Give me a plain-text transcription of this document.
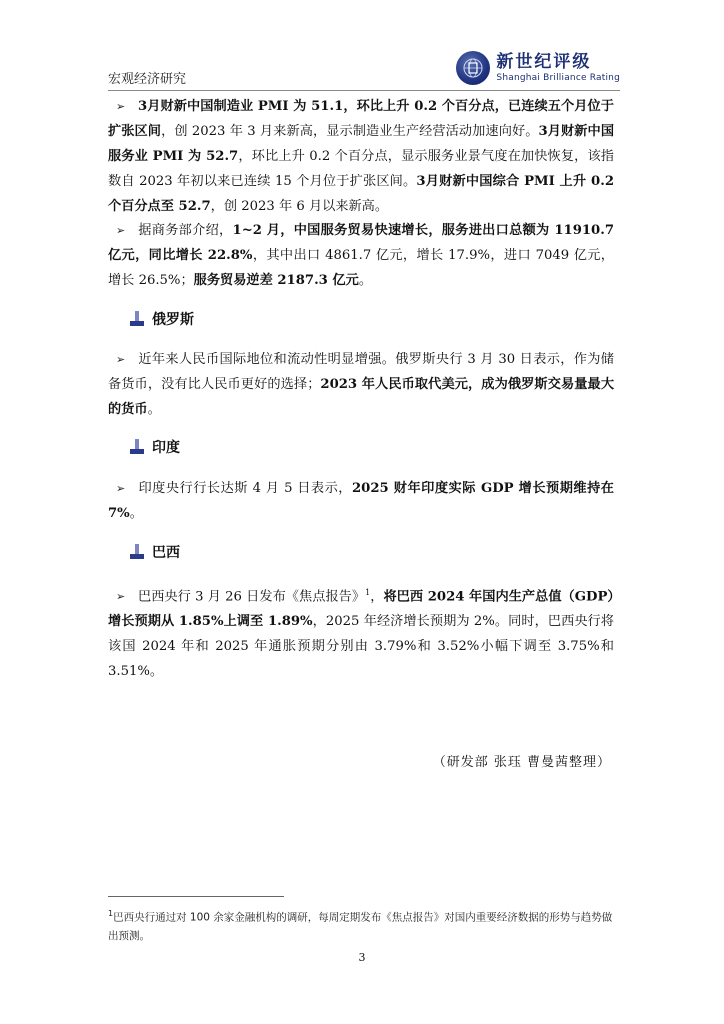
宏观经济研究
新世纪评级
Shanghai Brilliance Rating

➢ 3月财新中国制造业 PMI 为 51.1，环比上升 0.2 个百分点，已连续五个月位于扩张区间，创 2023 年 3 月来新高，显示制造业生产经营活动加速向好。3月财新中国服务业 PMI 为 52.7，环比上升 0.2 个百分点，显示服务业景气度在加快恢复，该指数自 2023 年初以来已连续 15 个月位于扩张区间。3月财新中国综合 PMI 上升 0.2 个百分点至 52.7，创 2023 年 6 月以来新高。

➢ 据商务部介绍，1~2 月，中国服务贸易快速增长，服务进出口总额为 11910.7 亿元，同比增长 22.8%，其中出口 4861.7 亿元，增长 17.9%，进口 7049 亿元，增长 26.5%；服务贸易逆差 2187.3 亿元。

俄罗斯

➢ 近年来人民币国际地位和流动性明显增强。俄罗斯央行 3 月 30 日表示，作为储备货币，没有比人民币更好的选择；2023 年人民币取代美元，成为俄罗斯交易量最大的货币。

印度

➢ 印度央行行长达斯 4 月 5 日表示，2025 财年印度实际 GDP 增长预期维持在 7%。

巴西

➢ 巴西央行 3 月 26 日发布《焦点报告》$^1$，将巴西 2024 年国内生产总值（GDP）增长预期从 1.85%上调至 1.89%，2025 年经济增长预期为 2%。同时，巴西央行将该国 2024 年和 2025 年通胀预期分别由 3.79%和 3.52%小幅下调至 3.75%和 3.51%。

（研发部 张珏 曹曼茜整理）
$^1$巴西央行通过对 100 余家金融机构的调研，每周定期发布《焦点报告》对国内重要经济数据的形势与趋势做出预测。
3
